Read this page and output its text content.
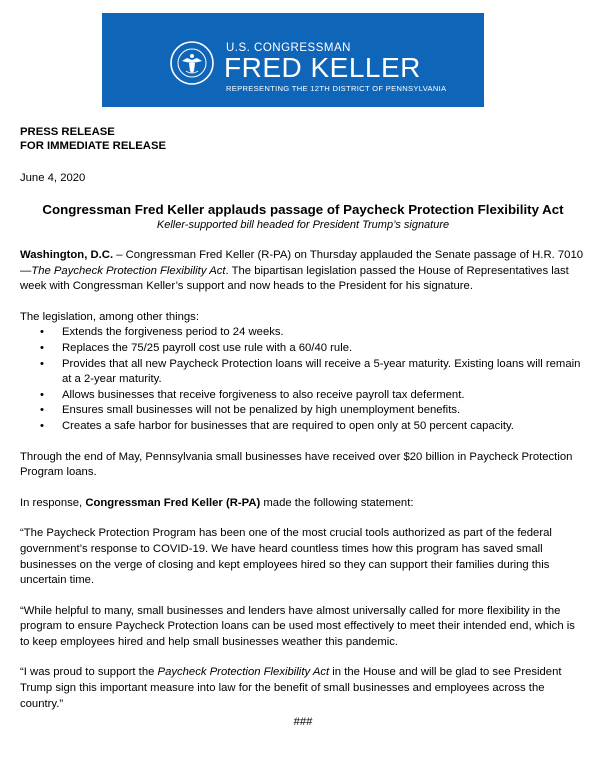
U.S. CONGRESSMAN
FRED KELLER
REPRESENTING THE 12TH DISTRICT OF PENNSYLVANIA
PRESS RELEASE
FOR IMMEDIATE RELEASE
June 4, 2020
Congressman Fred Keller applauds passage of Paycheck Protection Flexibility Act
Keller-supported bill headed for President Trump’s signature

Washington, D.C. – Congressman Fred Keller (R-PA) on Thursday applauded the Senate passage of H.R. 7010—The Paycheck Protection Flexibility Act. The bipartisan legislation passed the House of Representatives last week with Congressman Keller’s support and now heads to the President for his signature.

The legislation, among other things:

• Extends the forgiveness period to 24 weeks.
• Replaces the 75/25 payroll cost use rule with a 60/40 rule.
• Provides that all new Paycheck Protection loans will receive a 5-year maturity. Existing loans will remain at a 2-year maturity.
• Allows businesses that receive forgiveness to also receive payroll tax deferment.
• Ensures small businesses will not be penalized by high unemployment benefits.
• Creates a safe harbor for businesses that are required to open only at 50 percent capacity.

Through the end of May, Pennsylvania small businesses have received over $20 billion in Paycheck Protection Program loans.

In response, Congressman Fred Keller (R-PA) made the following statement:

“The Paycheck Protection Program has been one of the most crucial tools authorized as part of the federal government’s response to COVID-19. We have heard countless times how this program has saved small businesses on the verge of closing and kept employees hired so they can support their families during this uncertain time.

“While helpful to many, small businesses and lenders have almost universally called for more flexibility in the program to ensure Paycheck Protection loans can be used most effectively to meet their intended end, which is to keep employees hired and help small businesses weather this pandemic.

“I was proud to support the Paycheck Protection Flexibility Act in the House and will be glad to see President Trump sign this important measure into law for the benefit of small businesses and employees across the country.”

###
